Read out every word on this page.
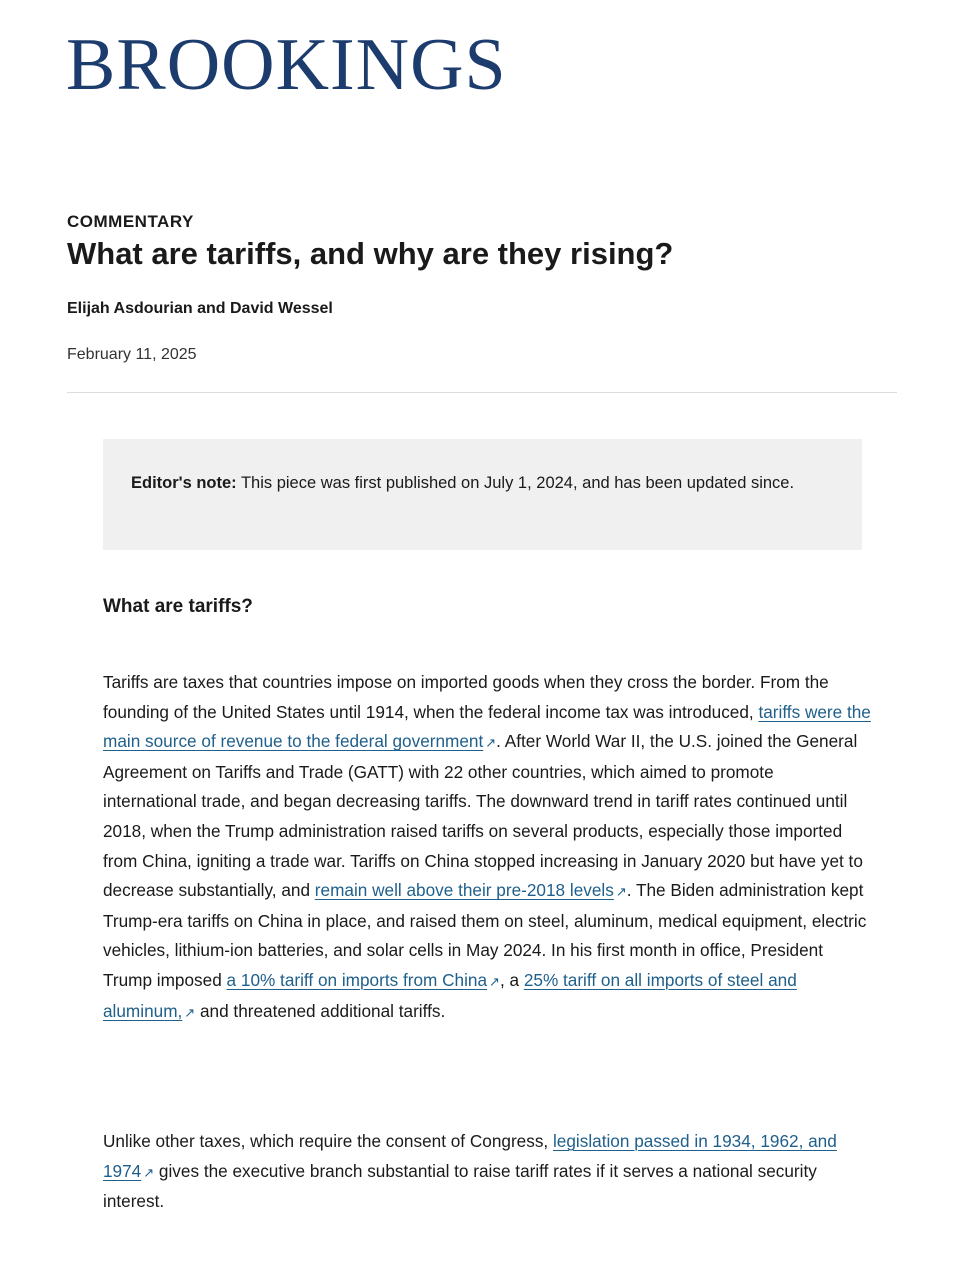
BROOKINGS
COMMENTARY
What are tariffs, and why are they rising?
Elijah Asdourian and David Wessel
February 11, 2025
Editor's note: This piece was first published on July 1, 2024, and has been updated since.
What are tariffs?

Tariffs are taxes that countries impose on imported goods when they cross the border. From the founding of the United States until 1914, when the federal income tax was introduced, tariffs were the main source of revenue to the federal government ↗. After World War II, the U.S. joined the General Agreement on Tariffs and Trade (GATT) with 22 other countries, which aimed to promote international trade, and began decreasing tariffs. The downward trend in tariff rates continued until 2018, when the Trump administration raised tariffs on several products, especially those imported from China, igniting a trade war. Tariffs on China stopped increasing in January 2020 but have yet to decrease substantially, and remain well above their pre-2018 levels ↗. The Biden administration kept Trump-era tariffs on China in place, and raised them on steel, aluminum, medical equipment, electric vehicles, lithium-ion batteries, and solar cells in May 2024. In his first month in office, President Trump imposed a 10% tariff on imports from China ↗, a 25% tariff on all imports of steel and aluminum, ↗ and threatened additional tariffs.

Unlike other taxes, which require the consent of Congress, legislation passed in 1934, 1962, and 1974 ↗ gives the executive branch substantial to raise tariff rates if it serves a national security interest.
